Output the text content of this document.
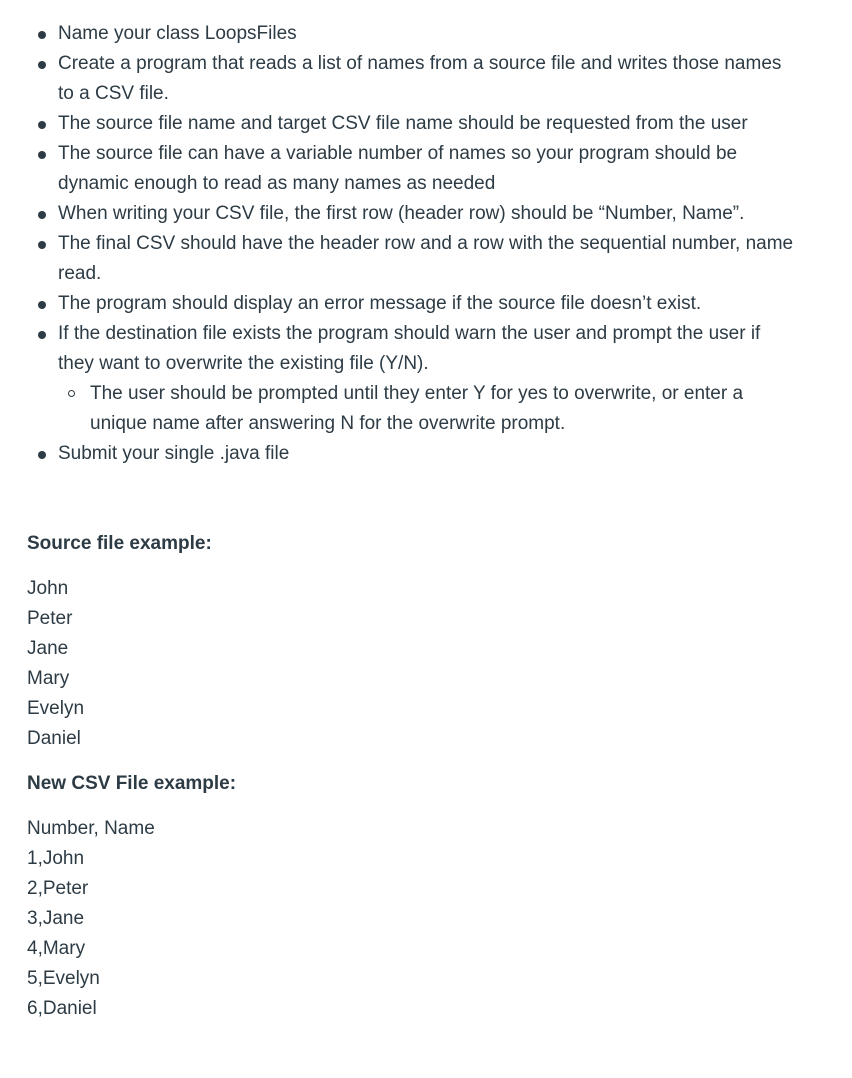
Name your class LoopsFiles
Create a program that reads a list of names from a source file and writes those names to a CSV file.
The source file name and target CSV file name should be requested from the user
The source file can have a variable number of names so your program should be dynamic enough to read as many names as needed
When writing your CSV file, the first row (header row) should be “Number, Name”.
The final CSV should have the header row and a row with the sequential number, name read.
The program should display an error message if the source file doesn’t exist.
If the destination file exists the program should warn the user and prompt the user if they want to overwrite the existing file (Y/N).
The user should be prompted until they enter Y for yes to overwrite, or enter a unique name after answering N for the overwrite prompt.
Submit your single .java file

Source file example:

John
Peter
Jane
Mary
Evelyn
Daniel

New CSV File example:

Number, Name
1,John
2,Peter
3,Jane
4,Mary
5,Evelyn
6,Daniel
